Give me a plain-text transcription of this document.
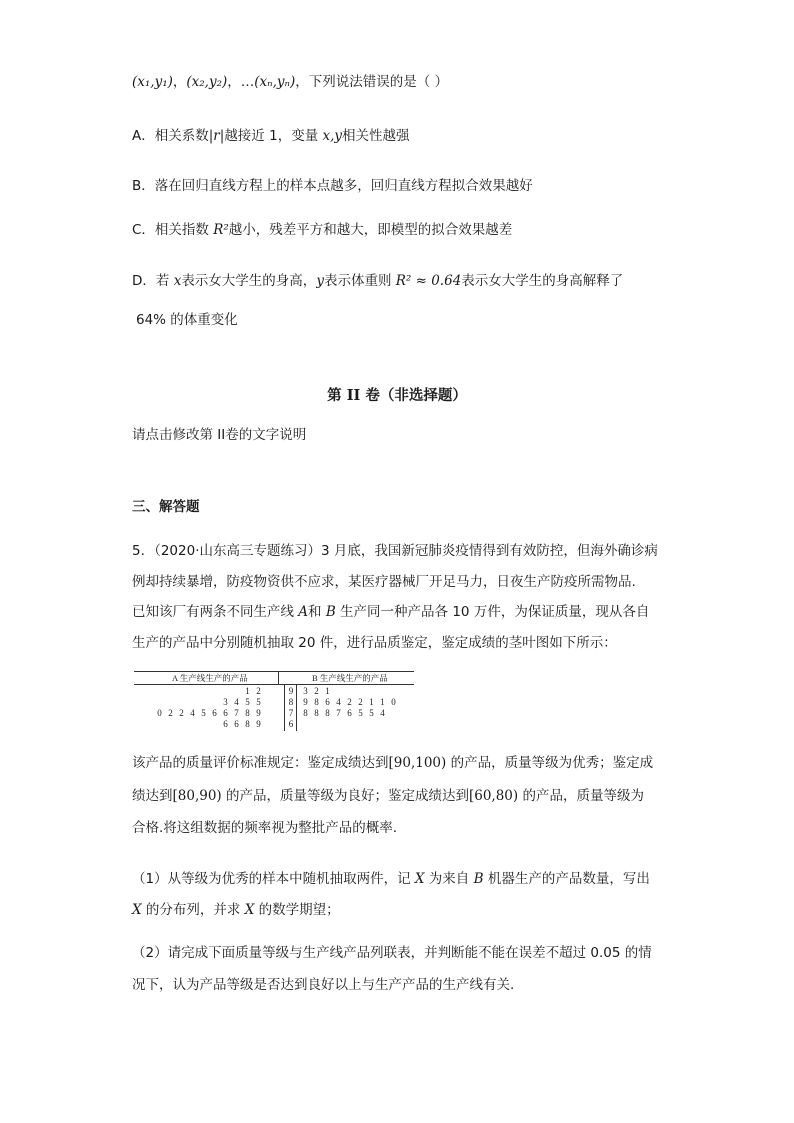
(x₁,y₁)，(x₂,y₂)，…(xₙ,yₙ)，下列说法错误的是（ ）
A．相关系数|r|越接近 1，变量 x,y相关性越强
B．落在回归直线方程上的样本点越多，回归直线方程拟合效果越好
C．相关指数 R²越小，残差平方和越大，即模型的拟合效果越差
D．若 x表示女大学生的身高，y表示体重则 R² ≈ 0.64表示女大学生的身高解释了
64% 的体重变化
第 II 卷（非选择题）
请点击修改第 II卷的文字说明
三、解答题
5．（2020·山东高三专题练习）3 月底，我国新冠肺炎疫情得到有效防控，但海外确诊病
例却持续暴增，防疫物资供不应求，某医疗器械厂开足马力，日夜生产防疫所需物品.
已知该厂有两条不同生产线 A和 B 生产同一种产品各 10 万件，为保证质量，现从各自
生产的产品中分别随机抽取 20 件，进行品质鉴定，鉴定成绩的茎叶图如下所示：
A 生产线生产的产品	B 生产线生产的产品
1 2	9	3 2 1
3 4 5 5	8	9 8 6 4 2 2 1 1 0
0 2 2 4 5 6 6 7 8 9	7	8 8 8 7 6 5 5 4
6 6 8 9	6
该产品的质量评价标准规定：鉴定成绩达到[90,100) 的产品，质量等级为优秀；鉴定成
绩达到[80,90) 的产品，质量等级为良好；鉴定成绩达到[60,80) 的产品，质量等级为
合格.将这组数据的频率视为整批产品的概率.
（1）从等级为优秀的样本中随机抽取两件，记 X 为来自 B 机器生产的产品数量，写出
X 的分布列，并求 X 的数学期望；
（2）请完成下面质量等级与生产线产品列联表，并判断能不能在误差不超过 0.05 的情
况下，认为产品等级是否达到良好以上与生产产品的生产线有关.
